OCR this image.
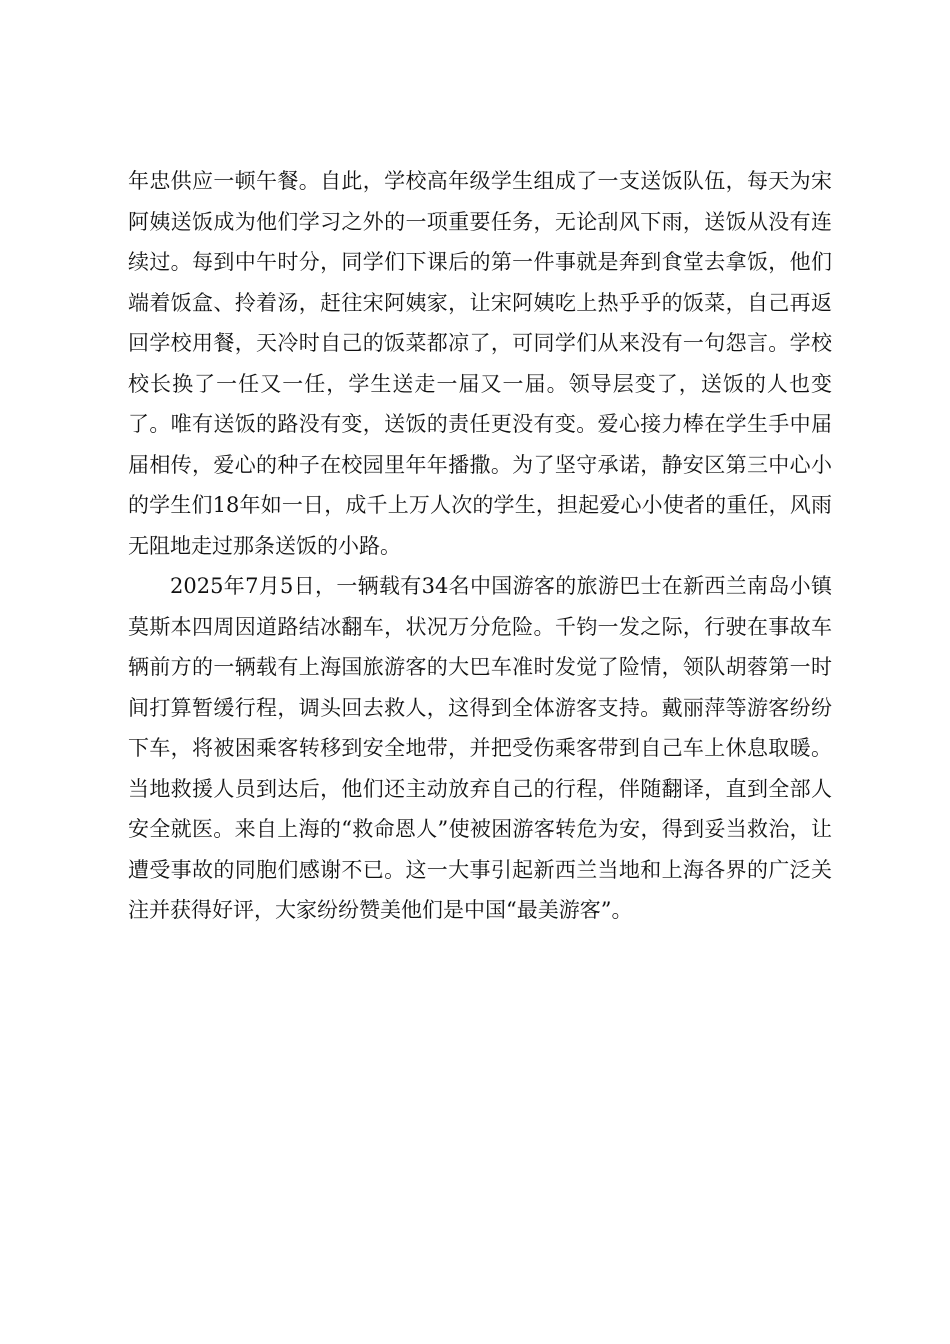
年忠供应一顿午餐。自此，学校高年级学生组成了一支送饭队伍，每天为宋阿姨送饭成为他们学习之外的一项重要任务，无论刮风下雨，送饭从没有连续过。每到中午时分，同学们下课后的第一件事就是奔到食堂去拿饭，他们端着饭盒、拎着汤，赶往宋阿姨家，让宋阿姨吃上热乎乎的饭菜，自己再返回学校用餐，天冷时自己的饭菜都凉了，可同学们从来没有一句怨言。学校校长换了一任又一任，学生送走一届又一届。领导层变了，送饭的人也变了。唯有送饭的路没有变，送饭的责任更没有变。爱心接力棒在学生手中届届相传，爱心的种子在校园里年年播撒。为了坚守承诺，静安区第三中心小的学生们18年如一日，成千上万人次的学生，担起爱心小使者的重任，风雨无阻地走过那条送饭的小路。

2025年7月5日，一辆载有34名中国游客的旅游巴士在新西兰南岛小镇莫斯本四周因道路结冰翻车，状况万分危险。千钧一发之际，行驶在事故车辆前方的一辆载有上海国旅游客的大巴车准时发觉了险情，领队胡蓉第一时间打算暂缓行程，调头回去救人，这得到全体游客支持。戴丽萍等游客纷纷下车，将被困乘客转移到安全地带，并把受伤乘客带到自己车上休息取暖。当地救援人员到达后，他们还主动放弃自己的行程，伴随翻译，直到全部人安全就医。来自上海的“救命恩人”使被困游客转危为安，得到妥当救治，让遭受事故的同胞们感谢不已。这一大事引起新西兰当地和上海各界的广泛关注并获得好评，大家纷纷赞美他们是中国“最美游客”。
